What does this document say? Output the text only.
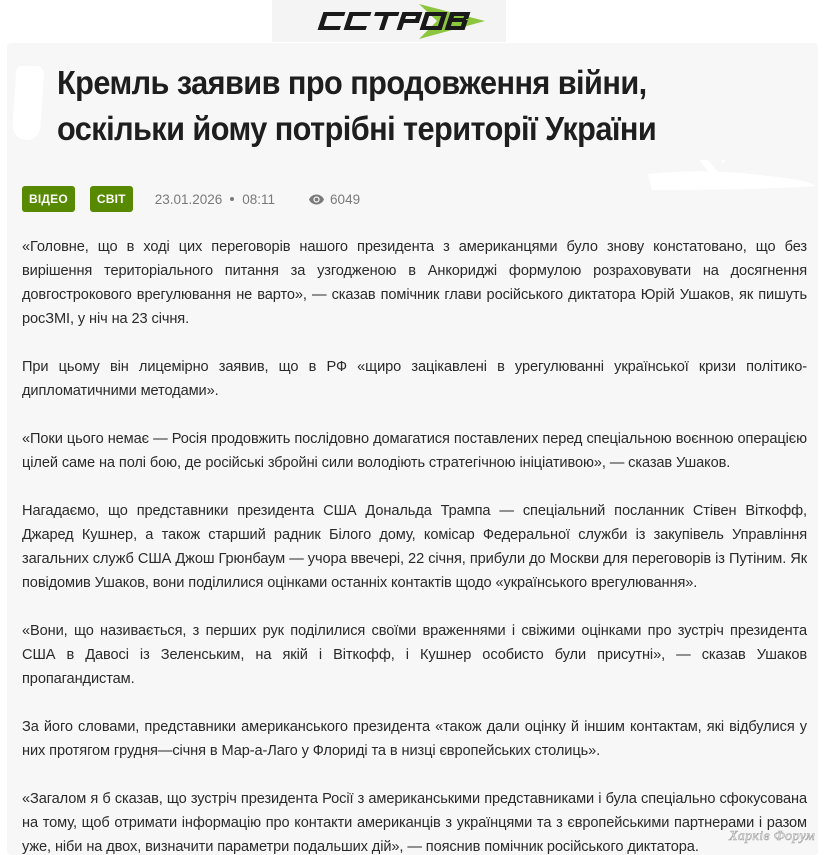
Кремль заявив про продовження війни, оскільки йому потрібні території України
ВІДЕО	СВІТ	23.01.2026 08:11	6049

«Головне, що в ході цих переговорів нашого президента з американцями було знову констатовано, що без вирішення територіального питання за узгодженою в Анкориджі формулою розраховувати на досягнення довгострокового врегулювання не варто», — сказав помічник глави російського диктатора Юрій Ушаков, як пишуть росЗМІ, у ніч на 23 січня.

При цьому він лицемірно заявив, що в РФ «щиро зацікавлені в урегулюванні української кризи політико-дипломатичними методами».

«Поки цього немає — Росія продовжить послідовно домагатися поставлених перед спеціальною воєнною операцією цілей саме на полі бою, де російські збройні сили володіють стратегічною ініціативою», — сказав Ушаков.

Нагадаємо, що представники президента США Дональда Трампа — спеціальний посланник Стівен Віткофф, Джаред Кушнер, а також старший радник Білого дому, комісар Федеральної служби із закупівель Управління загальних служб США Джош Грюнбаум — учора ввечері, 22 січня, прибули до Москви для переговорів із Путіним. Як повідомив Ушаков, вони поділилися оцінками останніх контактів щодо «українського врегулювання».

«Вони, що називається, з перших рук поділилися своїми враженнями і свіжими оцінками про зустріч президента США в Давосі із Зеленським, на якій і Віткофф, і Кушнер особисто були присутні», — сказав Ушаков пропагандистам.

За його словами, представники американського президента «також дали оцінку й іншим контактам, які відбулися у них протягом грудня—січня в Мар-а-Лаго у Флориді та в низці європейських столиць».

«Загалом я б сказав, що зустріч президента Росії з американськими представниками і була спеціально сфокусована на тому, щоб отримати інформацію про контакти американців з українцями та з європейськими партнерами і разом уже, ніби на двох, визначити параметри подальших дій», — пояснив помічник російського диктатора.

Харків Форум
